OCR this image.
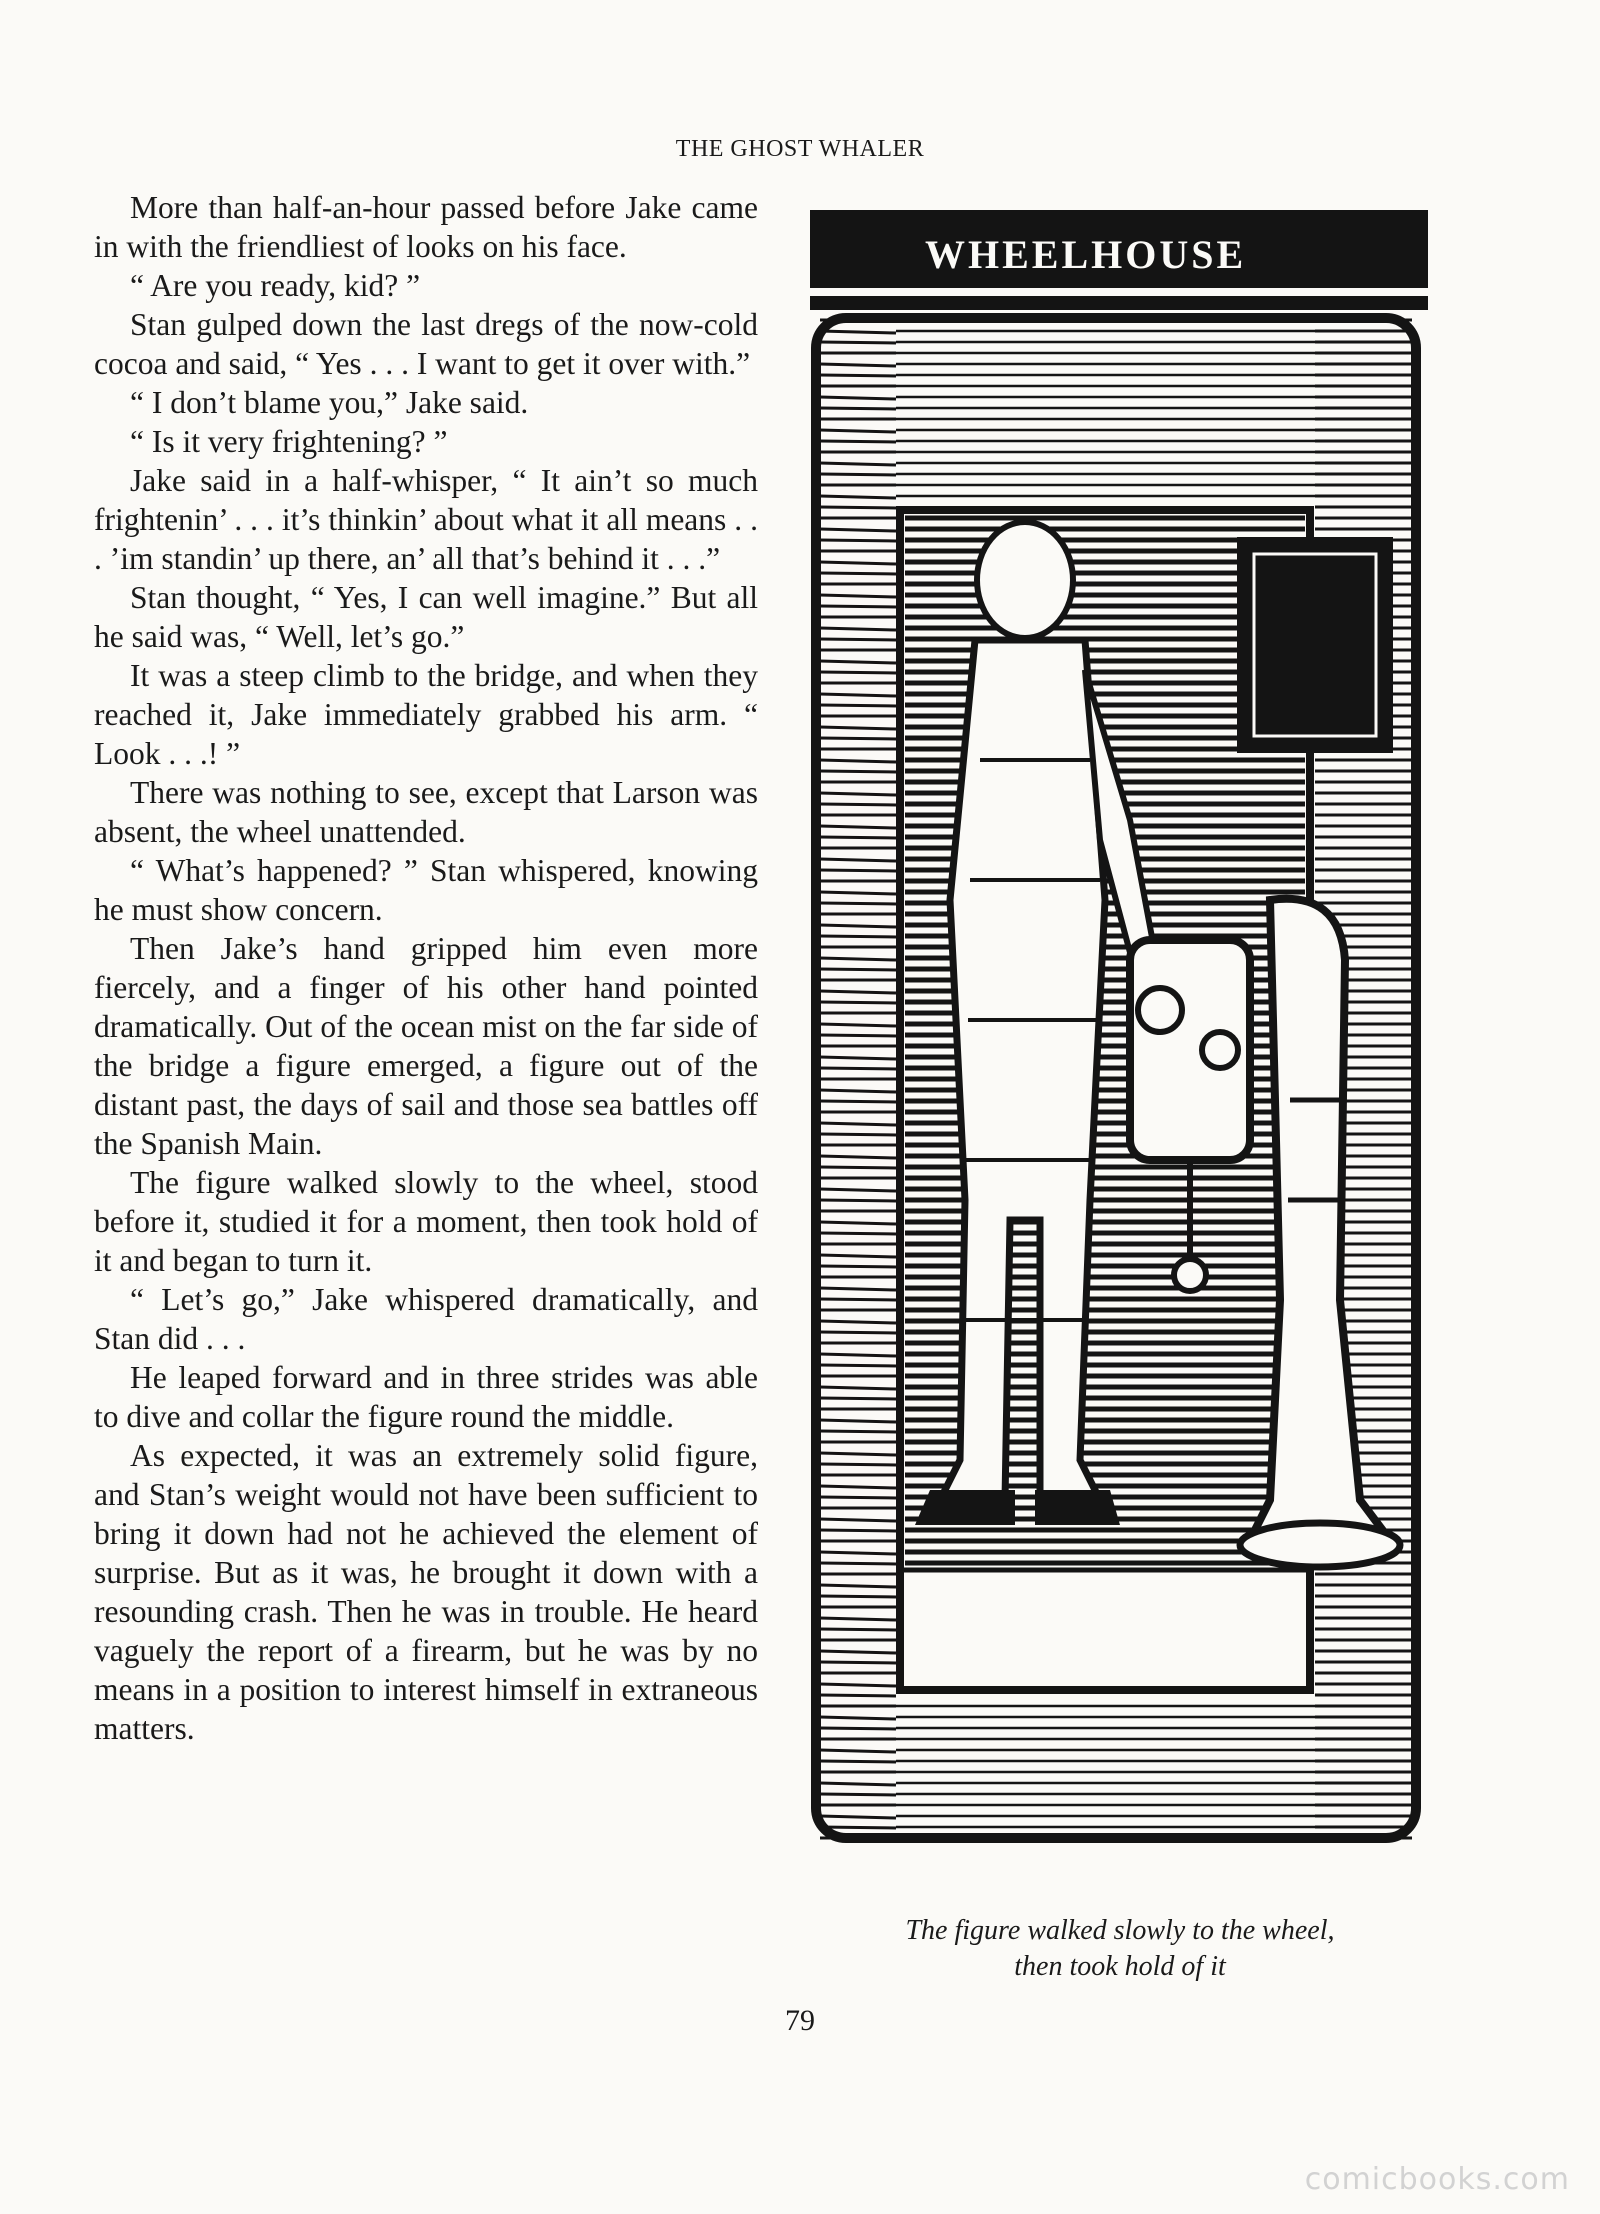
THE GHOST WHALER

More than half-an-hour passed before Jake came in with the friendliest of looks on his face.

“ Are you ready, kid? ”

Stan gulped down the last dregs of the now-cold cocoa and said, “ Yes . . . I want to get it over with.”

“ I don’t blame you,” Jake said.

“ Is it very frightening? ”

Jake said in a half-whisper, “ It ain’t so much frightenin’ . . . it’s thinkin’ about what it all means . . . ’im standin’ up there, an’ all that’s behind it . . .”

Stan thought, “ Yes, I can well imagine.” But all he said was, “ Well, let’s go.”

It was a steep climb to the bridge, and when they reached it, Jake immediately grabbed his arm. “ Look . . .! ”

There was nothing to see, except that Larson was absent, the wheel unattended.

“ What’s happened? ” Stan whispered, knowing he must show concern.

Then Jake’s hand gripped him even more fiercely, and a finger of his other hand pointed dramatically. Out of the ocean mist on the far side of the bridge a figure emerged, a figure out of the distant past, the days of sail and those sea battles off the Spanish Main.

The figure walked slowly to the wheel, stood before it, studied it for a moment, then took hold of it and began to turn it.

“ Let’s go,” Jake whispered dramatically, and Stan did . . .

He leaped forward and in three strides was able to dive and collar the figure round the middle.

As expected, it was an extremely solid figure, and Stan’s weight would not have been sufficient to bring it down had not he achieved the element of surprise. But as it was, he brought it down with a resounding crash. Then he was in trouble. He heard vaguely the report of a firearm, but he was by no means in a position to interest himself in extraneous matters.

WHEELHOUSE
The figure walked slowly to the wheel,
then took hold of it
79
comicbooks.com
